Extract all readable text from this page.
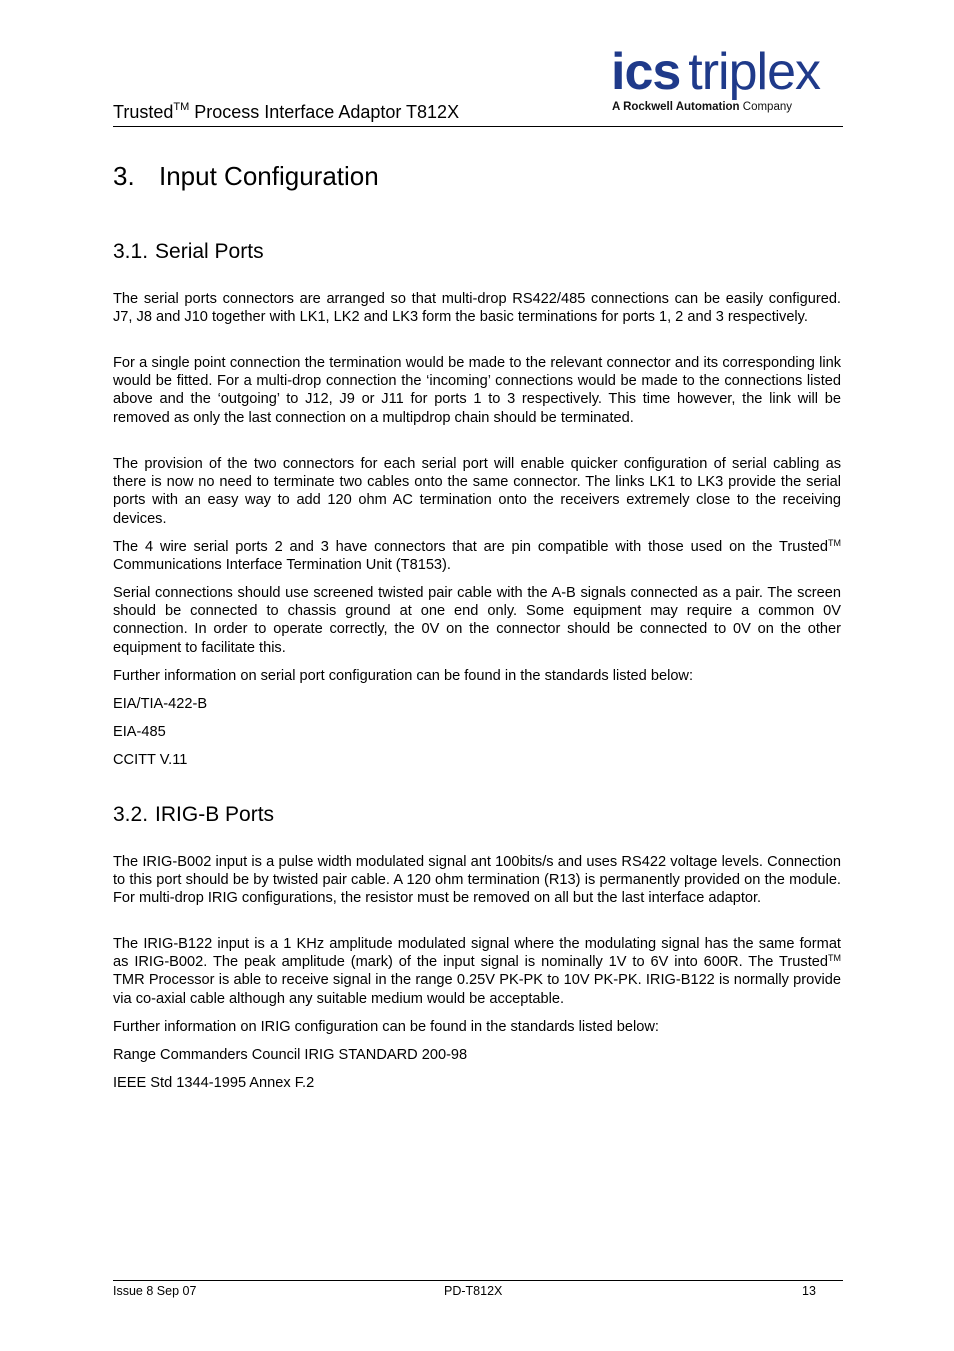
Trusted™ Process Interface Adaptor T812X
ics triplex
A Rockwell Automation Company
3. Input Configuration
3.1. Serial Ports

The serial ports connectors are arranged so that multi-drop RS422/485 connections can be easily configured. J7, J8 and J10 together with LK1, LK2 and LK3 form the basic terminations for ports 1, 2 and 3 respectively.

For a single point connection the termination would be made to the relevant connector and its corresponding link would be fitted. For a multi-drop connection the ‘incoming’ connections would be made to the connections listed above and the ‘outgoing’ to J12, J9 or J11 for ports 1 to 3 respectively. This time however, the link will be removed as only the last connection on a multipdrop chain should be terminated.

The provision of the two connectors for each serial port will enable quicker configuration of serial cabling as there is now no need to terminate two cables onto the same connector. The links LK1 to LK3 provide the serial ports with an easy way to add 120 ohm AC termination onto the receivers extremely close to the receiving devices.

The 4 wire serial ports 2 and 3 have connectors that are pin compatible with those used on the Trusted™ Communications Interface Termination Unit (T8153).

Serial connections should use screened twisted pair cable with the A-B signals connected as a pair. The screen should be connected to chassis ground at one end only. Some equipment may require a common 0V connection. In order to operate correctly, the 0V on the connector should be connected to 0V on the other equipment to facilitate this.

Further information on serial port configuration can be found in the standards listed below:

EIA/TIA-422-B
EIA-485
CCITT V.11
3.2. IRIG-B Ports

The IRIG-B002 input is a pulse width modulated signal ant 100bits/s and uses RS422 voltage levels. Connection to this port should be by twisted pair cable. A 120 ohm termination (R13) is permanently provided on the module. For multi-drop IRIG configurations, the resistor must be removed on all but the last interface adaptor.

The IRIG-B122 input is a 1 KHz amplitude modulated signal where the modulating signal has the same format as IRIG-B002. The peak amplitude (mark) of the input signal is nominally 1V to 6V into 600R. The Trusted™ TMR Processor is able to receive signal in the range 0.25V PK-PK to 10V PK-PK. IRIG-B122 is normally provide via co-axial cable although any suitable medium would be acceptable.

Further information on IRIG configuration can be found in the standards listed below:

Range Commanders Council IRIG STANDARD 200-98
IEEE Std 1344-1995 Annex F.2
Issue 8 Sep 07	PD-T812X	13
